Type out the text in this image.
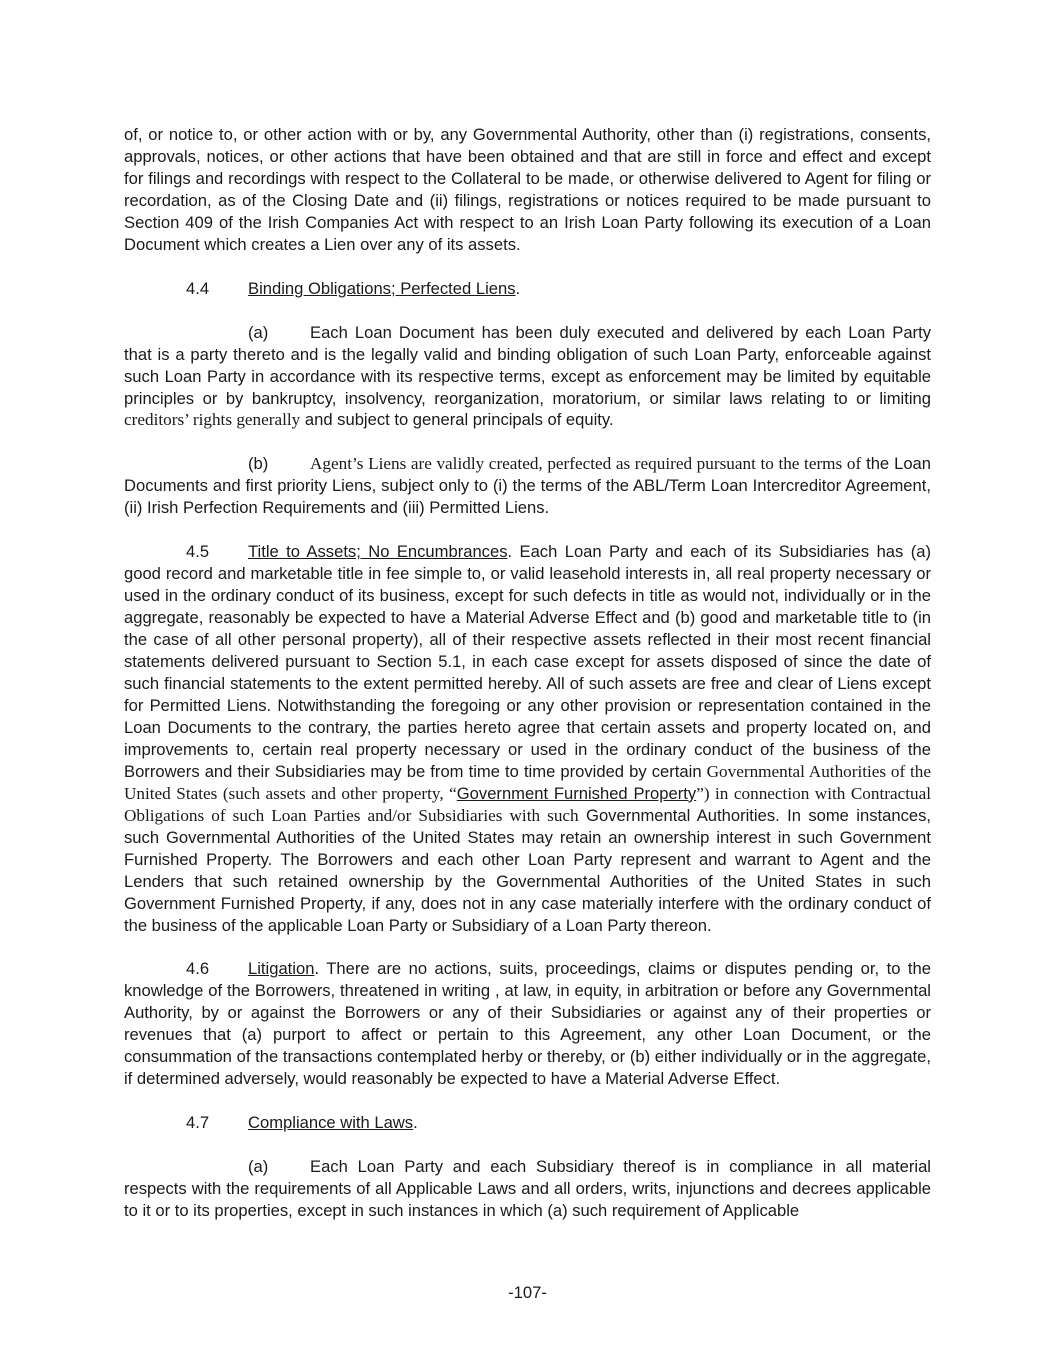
of, or notice to, or other action with or by, any Governmental Authority, other than (i) registrations, consents, approvals, notices, or other actions that have been obtained and that are still in force and effect and except for filings and recordings with respect to the Collateral to be made, or otherwise delivered to Agent for filing or recordation, as of the Closing Date and (ii) filings, registrations or notices required to be made pursuant to Section 409 of the Irish Companies Act with respect to an Irish Loan Party following its execution of a Loan Document which creates a Lien over any of its assets.

4.4 Binding Obligations; Perfected Liens.

(a)	Each Loan Document has been duly executed and delivered by each Loan Party that is a party thereto and is the legally valid and binding obligation of such Loan Party, enforceable against such Loan Party in accordance with its respective terms, except as enforcement may be limited by equitable principles or by bankruptcy, insolvency, reorganization, moratorium, or similar laws relating to or limiting creditors’ rights generally and subject to general principals of equity.

(b) Agent’s Liens are validly created, perfected as required pursuant to the terms of the Loan Documents and first priority Liens, subject only to (i) the terms of the ABL/Term Loan Intercreditor Agreement, (ii) Irish Perfection Requirements and (iii) Permitted Liens.

4.5 Title to Assets; No Encumbrances. Each Loan Party and each of its Subsidiaries has (a) good record and marketable title in fee simple to, or valid leasehold interests in, all real property necessary or used in the ordinary conduct of its business, except for such defects in title as would not, individually or in the aggregate, reasonably be expected to have a Material Adverse Effect and (b) good and marketable title to (in the case of all other personal property), all of their respective assets reflected in their most recent financial statements delivered pursuant to Section 5.1, in each case except for assets disposed of since the date of such financial statements to the extent permitted hereby. All of such assets are free and clear of Liens except for Permitted Liens. Notwithstanding the foregoing or any other provision or representation contained in the Loan Documents to the contrary, the parties hereto agree that certain assets and property located on, and improvements to, certain real property necessary or used in the ordinary conduct of the business of the Borrowers and their Subsidiaries may be from time to time provided by certain Governmental Authorities of the United States (such assets and other property, “Government Furnished Property”) in connection with Contractual Obligations of such Loan Parties and/or Subsidiaries with such Governmental Authorities. In some instances, such Governmental Authorities of the United States may retain an ownership interest in such Government Furnished Property. The Borrowers and each other Loan Party represent and warrant to Agent and the Lenders that such retained ownership by the Governmental Authorities of the United States in such Government Furnished Property, if any, does not in any case materially interfere with the ordinary conduct of the business of the applicable Loan Party or Subsidiary of a Loan Party thereon.

4.6 Litigation. There are no actions, suits, proceedings, claims or disputes pending or, to the knowledge of the Borrowers, threatened in writing , at law, in equity, in arbitration or before any Governmental Authority, by or against the Borrowers or any of their Subsidiaries or against any of their properties or revenues that (a) purport to affect or pertain to this Agreement, any other Loan Document, or the consummation of the transactions contemplated herby or thereby, or (b) either individually or in the aggregate, if determined adversely, would reasonably be expected to have a Material Adverse Effect.

4.7 Compliance with Laws.

(a)	Each Loan Party and each Subsidiary thereof is in compliance in all material respects with the requirements of all Applicable Laws and all orders, writs, injunctions and decrees applicable to it or to its properties, except in such instances in which (a) such requirement of Applicable

-107-
